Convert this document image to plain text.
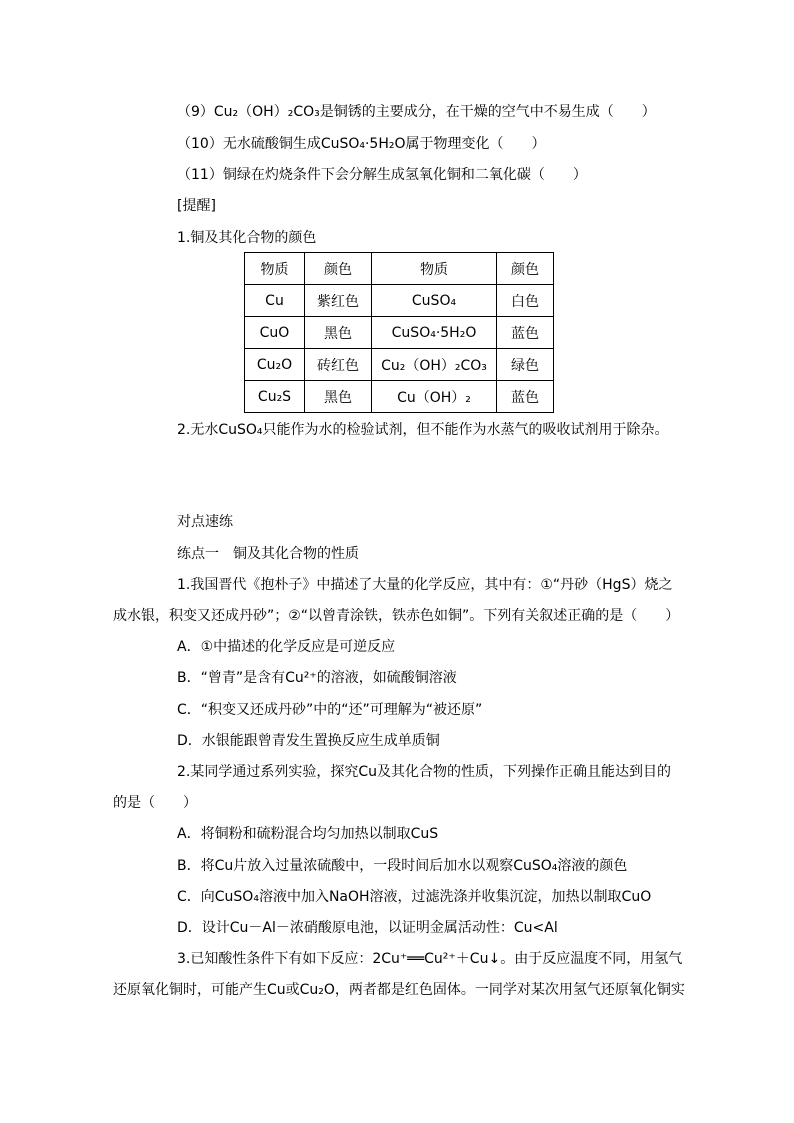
（9）Cu₂（OH）₂CO₃是铜锈的主要成分，在干燥的空气中不易生成（　　）
（10）无水硫酸铜生成CuSO₄·5H₂O属于物理变化（　　）
（11）铜绿在灼烧条件下会分解生成氢氧化铜和二氧化碳（　　）
[提醒]
1.铜及其化合物的颜色
物质	颜色	物质	颜色
Cu	紫红色	CuSO₄	白色
CuO	黑色	CuSO₄·5H₂O	蓝色
Cu₂O	砖红色	Cu₂（OH）₂CO₃	绿色
Cu₂S	黑色	Cu（OH）₂	蓝色
2.无水CuSO₄只能作为水的检验试剂，但不能作为水蒸气的吸收试剂用于除杂。
对点速练
练点一　铜及其化合物的性质
1.我国晋代《抱朴子》中描述了大量的化学反应，其中有：①“丹砂（HgS）烧之
成水银，积变又还成丹砂”；②“以曾青涂铁，铁赤色如铜”。下列有关叙述正确的是（　　）
A．①中描述的化学反应是可逆反应
B．“曾青”是含有Cu²⁺的溶液，如硫酸铜溶液
C．“积变又还成丹砂”中的“还”可理解为“被还原”
D．水银能跟曾青发生置换反应生成单质铜
2.某同学通过系列实验，探究Cu及其化合物的性质，下列操作正确且能达到目的
的是（　　）
A．将铜粉和硫粉混合均匀加热以制取CuS
B．将Cu片放入过量浓硫酸中，一段时间后加水以观察CuSO₄溶液的颜色
C．向CuSO₄溶液中加入NaOH溶液，过滤洗涤并收集沉淀，加热以制取CuO
D．设计Cu－Al－浓硝酸原电池，以证明金属活动性：Cu<Al
3.已知酸性条件下有如下反应：2Cu⁺══Cu²⁺＋Cu↓。由于反应温度不同，用氢气
还原氧化铜时，可能产生Cu或Cu₂O，两者都是红色固体。一同学对某次用氢气还原氧化铜实
